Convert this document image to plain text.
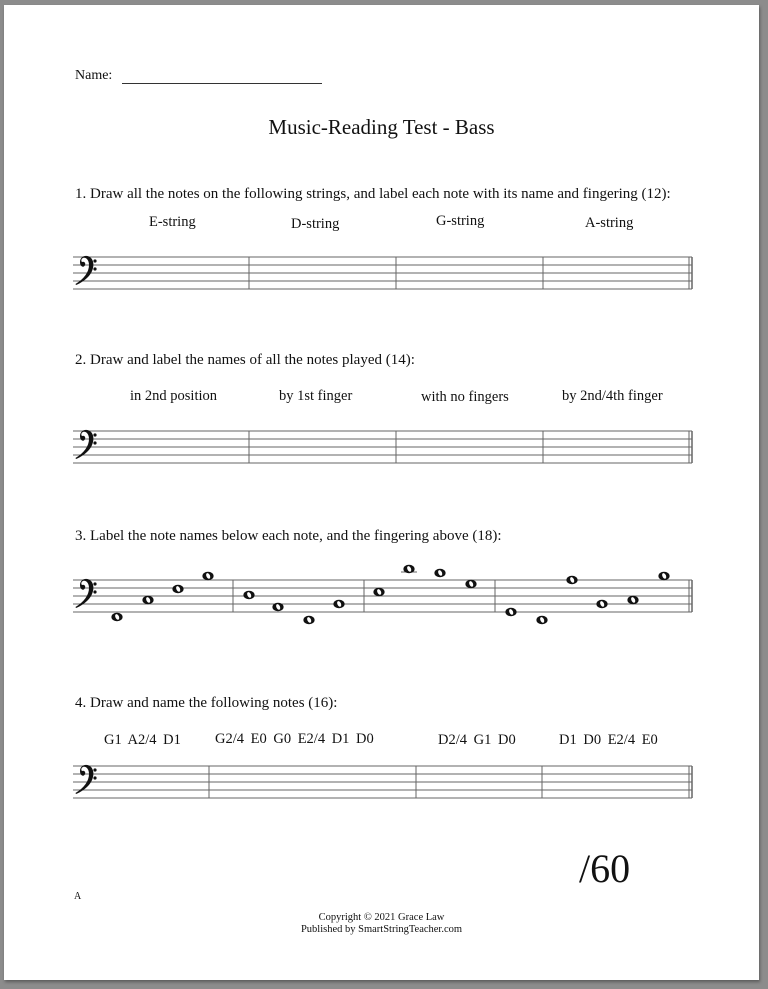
Name:
Music-Reading Test - Bass
1. Draw all the notes on the following strings, and label each note with its name and fingering (12):
E-string	D-string	G-string	A-string
2. Draw and label the names of all the notes played (14):
in 2nd position	by 1st finger	with no fingers	by 2nd/4th finger
3. Label the note names below each note, and the fingering above (18):
4. Draw and name the following notes (16):
G1 A2/4 D1 G2/4 E0 G0 E2/4 D1 D0	D2/4 G1 D0	D1 D0 E2/4 E0
/60
A
Copyright © 2021 Grace Law
Published by SmartStringTeacher.com
